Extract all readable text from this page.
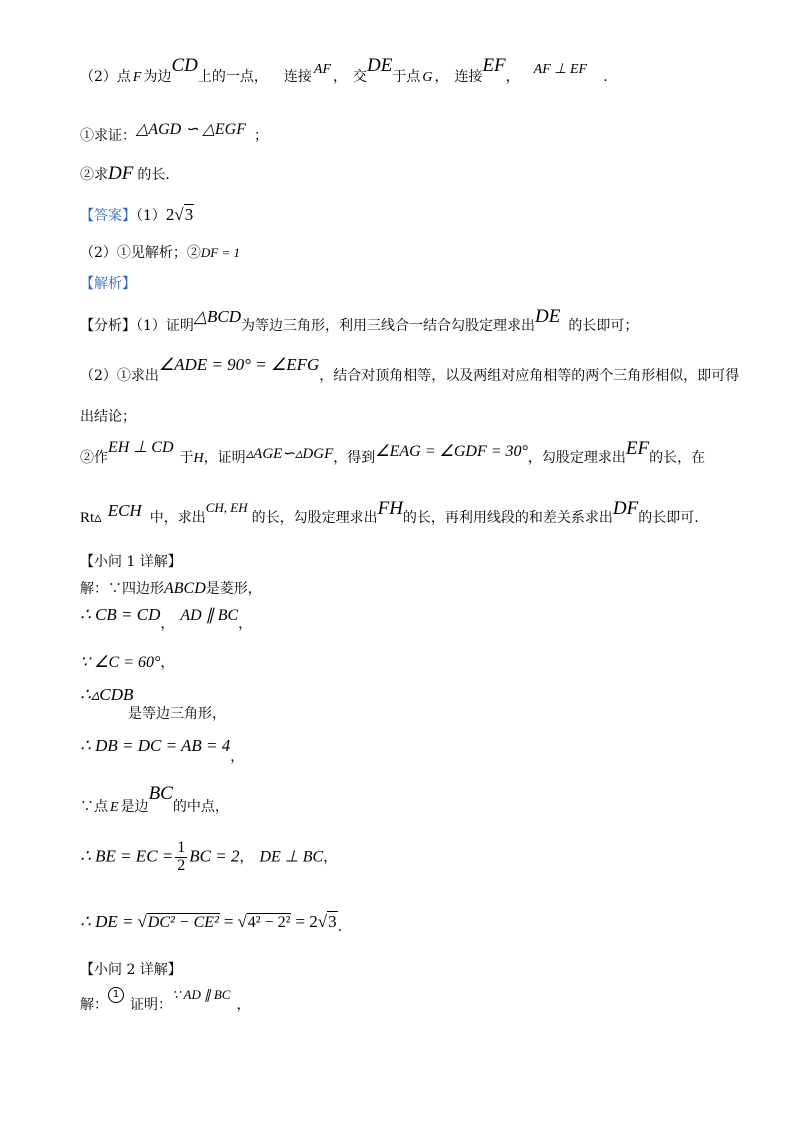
（2）点 F 为边CD上的一点， 连接 AF ， 交DE于点 G ， 连接EF， AF ⊥ EF .
①求证：△AGD ∽ △EGF ；
②求DF 的长.
【答案】（1）2√3
（2）①见解析；②DF = 1
【解析】
【分析】（1）证明△BCD为等边三角形，利用三线合一结合勾股定理求出DE 的长即可；
（2）①求出∠ADE = 90° = ∠EFG，结合对顶角相等，以及两组对应角相等的两个三角形相似，即可得
出结论；
②作EH ⊥ CD于H，证明▵AGE∽▵DGF，得到∠EAG = ∠GDF = 30°，勾股定理求出EF的长，在
Rt▵ ECH 中，求出CH, EH的长，勾股定理求出FH的长，再利用线段的和差关系求出DF的长即可.
【小问 1 详解】
解：∵四边形ABCD是菱形，
∴ CB = CD， AD ∥ BC，
∵ ∠C = 60°，
∴▵CDB
是等边三角形，
∴ DB = DC = AB = 4，
∵点 E 是边BC的中点，
∴ BE = EC = $\frac{1}{2}$ BC = 2， DE ⊥ BC，
∴ DE = √DC² − CE² = √4² − 2² = 2√3.
【小问 2 详解】
解：1证明：∵ AD ∥ BC，
